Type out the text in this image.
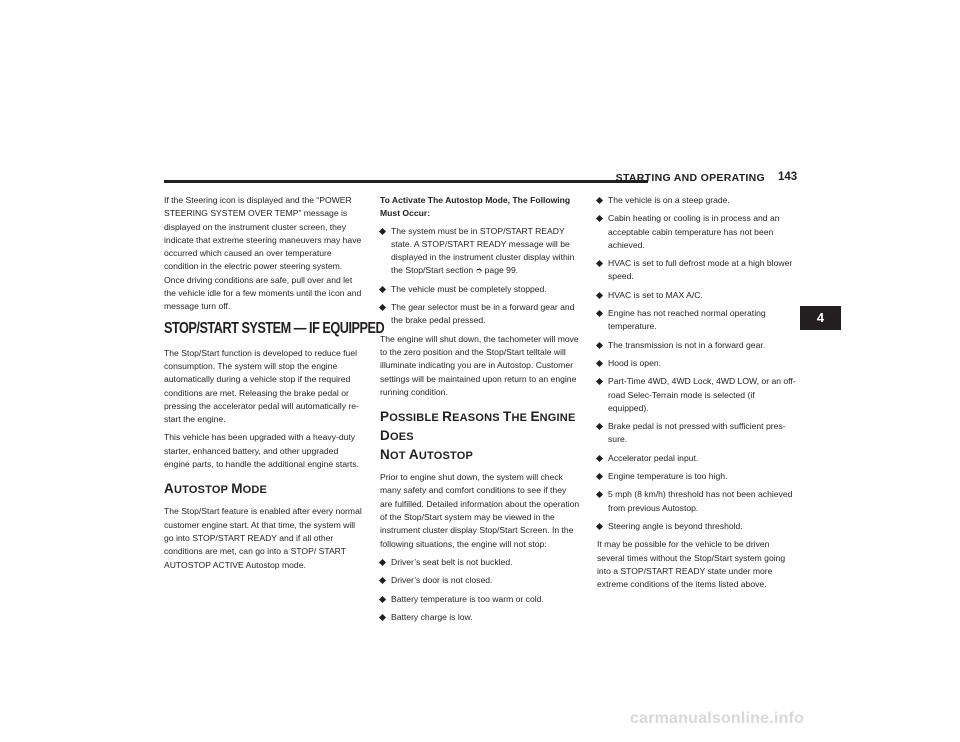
STARTING AND OPERATING 143
4

If the Steering icon is displayed and the “POWER STEERING SYSTEM OVER TEMP” message is displayed on the instrument cluster screen, they indicate that extreme steering maneuvers may have occurred which caused an over temperature condition in the electric power steering system. Once driving conditions are safe, pull over and let the vehicle idle for a few moments until the icon and message turn off.

STOP/START SYSTEM — IF EQUIPPED

The Stop/Start function is developed to reduce fuel consumption. The system will stop the engine automatically during a vehicle stop if the required conditions are met. Releasing the brake pedal or pressing the accelerator pedal will automatically re-start the engine.

This vehicle has been upgraded with a heavy-duty starter, enhanced battery, and other upgraded engine parts, to handle the additional engine starts.

AUTOSTOP MODE

The Stop/Start feature is enabled after every normal customer engine start. At that time, the system will go into STOP/START READY and if all other conditions are met, can go into a STOP/ START AUTOSTOP ACTIVE Autostop mode.

To Activate The Autostop Mode, The Following Must Occur:

The system must be in STOP/START READY state. A STOP/START READY message will be displayed in the instrument cluster display within the Stop/Start section ➮ page 99.
The vehicle must be completely stopped.
The gear selector must be in a forward gear and the brake pedal pressed.

The engine will shut down, the tachometer will move to the zero position and the Stop/Start telltale will illuminate indicating you are in Autostop. Customer settings will be maintained upon return to an engine running condition.

POSSIBLE REASONS THE ENGINE DOES
NOT AUTOSTOP

Prior to engine shut down, the system will check many safety and comfort conditions to see if they are fulfilled. Detailed information about the operation of the Stop/Start system may be viewed in the instrument cluster display Stop/Start Screen. In the following situations, the engine will not stop:

Driver’s seat belt is not buckled.
Driver’s door is not closed.
Battery temperature is too warm or cold.
Battery charge is low.
The vehicle is on a steep grade.
Cabin heating or cooling is in process and an acceptable cabin temperature has not been achieved.
HVAC is set to full defrost mode at a high blower speed.
HVAC is set to MAX A/C.
Engine has not reached normal operating temperature.
The transmission is not in a forward gear.
Hood is open.
Part-Time 4WD, 4WD Lock, 4WD LOW, or an off-road Selec-Terrain mode is selected (if equipped).
Brake pedal is not pressed with sufficient pres- sure.
Accelerator pedal input.
Engine temperature is too high.
5 mph (8 km/h) threshold has not been achieved from previous Autostop.
Steering angle is beyond threshold.

It may be possible for the vehicle to be driven several times without the Stop/Start system going into a STOP/START READY state under more extreme conditions of the items listed above.

carmanualsonline.info
